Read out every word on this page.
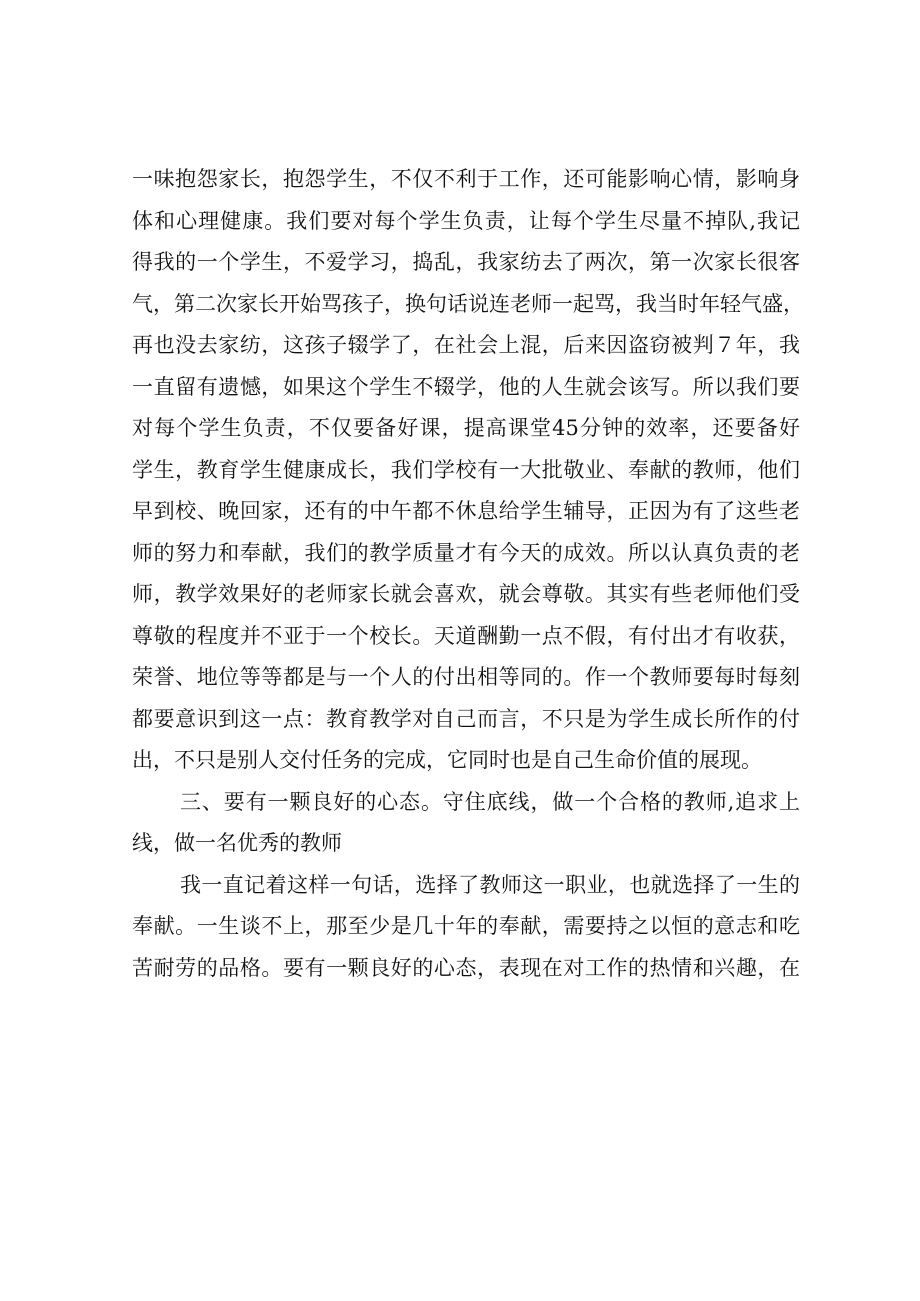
一味抱怨家长，抱怨学生，不仅不利于工作，还可能影响心情，影响身
体和心理健康。我们要对每个学生负责，让每个学生尽量不掉队,我记
得我的一个学生，不爱学习，捣乱，我家纺去了两次，第一次家长很客
气，第二次家长开始骂孩子，换句话说连老师一起骂，我当时年轻气盛，
再也没去家纺，这孩子辍学了，在社会上混，后来因盗窃被判７年，我
一直留有遗憾，如果这个学生不辍学，他的人生就会该写。所以我们要
对每个学生负责，不仅要备好课，提高课堂45分钟的效率，还要备好
学生，教育学生健康成长，我们学校有一大批敬业、奉献的教师，他们
早到校、晚回家，还有的中午都不休息给学生辅导，正因为有了这些老
师的努力和奉献，我们的教学质量才有今天的成效。所以认真负责的老
师，教学效果好的老师家长就会喜欢，就会尊敬。其实有些老师他们受
尊敬的程度并不亚于一个校长。天道酬勤一点不假，有付出才有收获，
荣誉、地位等等都是与一个人的付出相等同的。作一个教师要每时每刻
都要意识到这一点：教育教学对自己而言，不只是为学生成长所作的付
出，不只是别人交付任务的完成，它同时也是自己生命价值的展现。
三、要有一颗良好的心态。守住底线，做一个合格的教师,追求上
线，做一名优秀的教师
我一直记着这样一句话，选择了教师这一职业，也就选择了一生的
奉献。一生谈不上，那至少是几十年的奉献，需要持之以恒的意志和吃
苦耐劳的品格。要有一颗良好的心态，表现在对工作的热情和兴趣，在
